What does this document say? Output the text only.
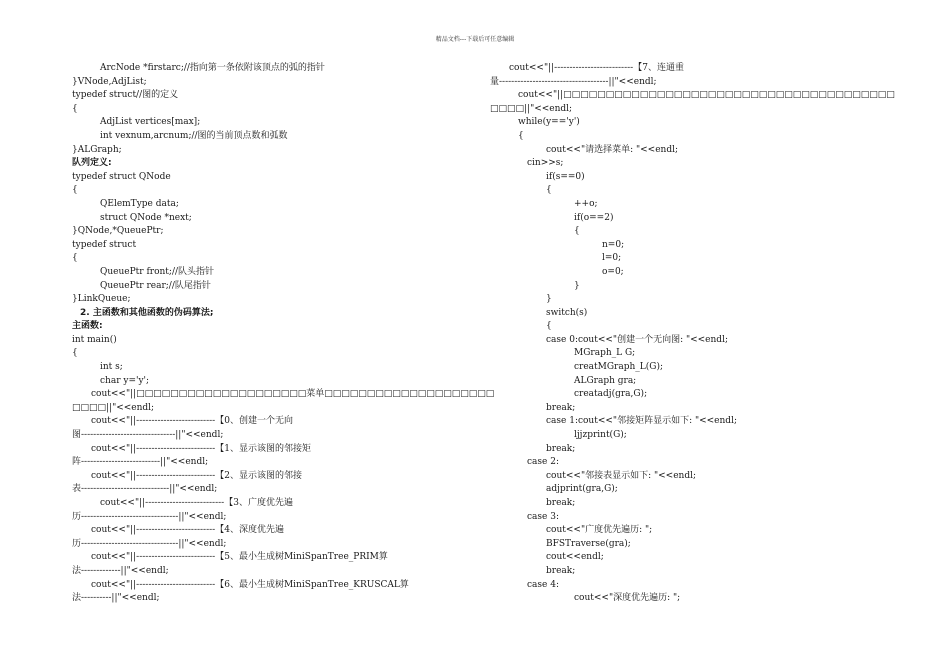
精品文档---下载后可任意编辑
ArcNode *firstarc;//指向第一条依附该顶点的弧的指针
}VNode,AdjList;
typedef struct//图的定义
{
AdjList vertices[max];
int vexnum,arcnum;//图的当前顶点数和弧数
}ALGraph;
队列定义:
typedef struct QNode
{
QElemType data;
struct QNode *next;
}QNode,*QueuePtr;
typedef struct
{
QueuePtr front;//队头指针
QueuePtr rear;//队尾指针
}LinkQueue;
2. 主函数和其他函数的伪码算法;
主函数:
int main()
{
int s;
char y='y';
cout<<"||□□□□□□□□□□□□□□□□□□□□菜单□□□□□□□□□□□□□□□□□□□□
□□□□||"<<endl;
cout<<"||--------------------------【0、创建一个无向
图-------------------------------||"<<endl;
cout<<"||--------------------------【1、显示该图的邻接矩
阵--------------------------||"<<endl;
cout<<"||--------------------------【2、显示该图的邻接
表-----------------------------||"<<endl;
cout<<"||--------------------------【3、广度优先遍
历--------------------------------||"<<endl;
cout<<"||--------------------------【4、深度优先遍
历--------------------------------||"<<endl;
cout<<"||--------------------------【5、最小生成树MiniSpanTree_PRIM算
法-------------||"<<endl;
cout<<"||--------------------------【6、最小生成树MiniSpanTree_KRUSCAL算
法----------||"<<endl;
cout<<"||--------------------------【7、连通重
量------------------------------------||"<<endl;
cout<<"||□□□□□□□□□□□□□□□□□□□□□□□□□□□□□□□□□□□□□□□
□□□□||"<<endl;
while(y=='y')
{
cout<<"请选择菜单: "<<endl;
cin>>s;
if(s==0)
{
++o;
if(o==2)
{
n=0;
l=0;
o=0;
}
}
switch(s)
{
case 0:cout<<"创建一个无向图: "<<endl;
MGraph_L G;
creatMGraph_L(G);
ALGraph gra;
creatadj(gra,G);
break;
case 1:cout<<"邻接矩阵显示如下: "<<endl;
ljjzprint(G);
break;
case 2:
cout<<"邻接表显示如下: "<<endl;
adjprint(gra,G);
break;
case 3:
cout<<"广度优先遍历: ";
BFSTraverse(gra);
cout<<endl;
break;
case 4:
cout<<"深度优先遍历: ";
